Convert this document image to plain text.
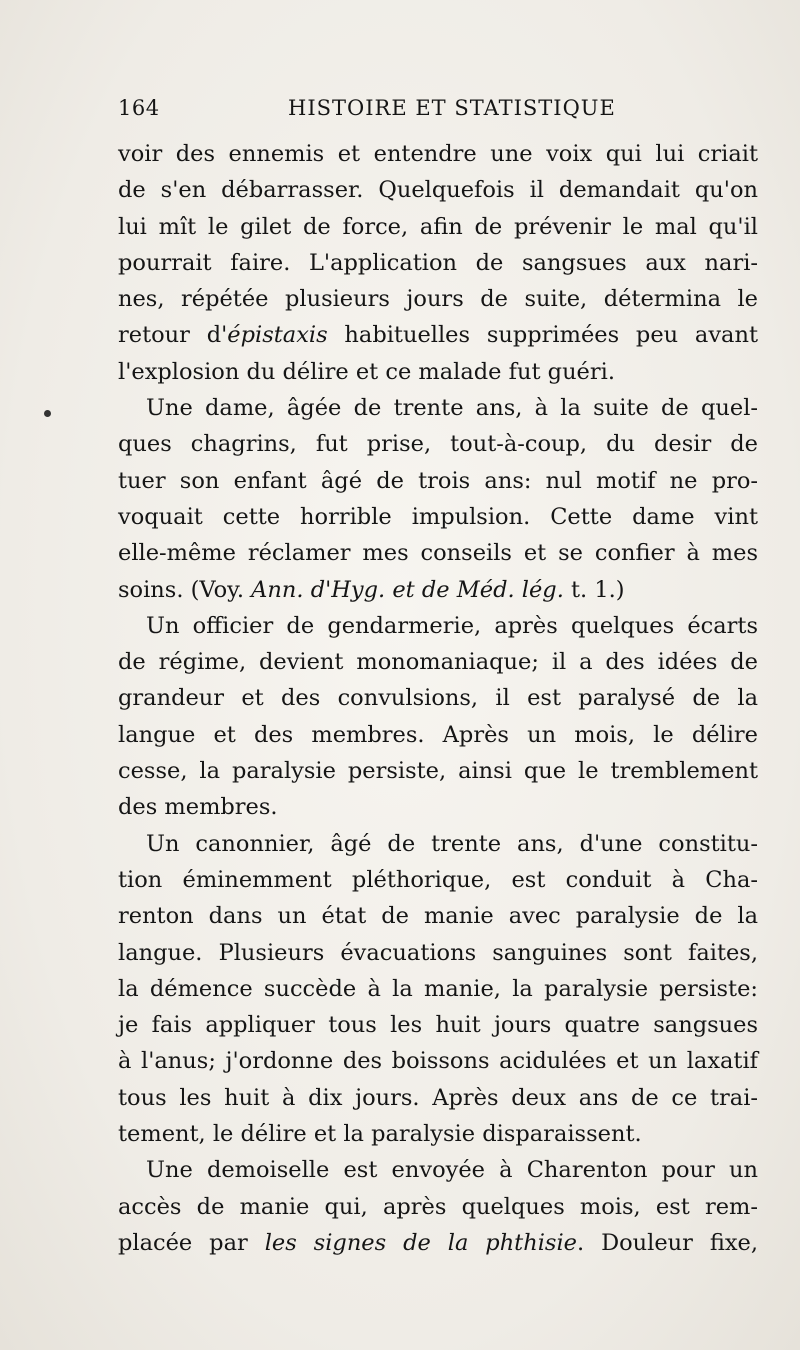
164	HISTOIRE ET STATISTIQUE
voir des ennemis et entendre une voix qui lui criait
de s'en débarrasser. Quelquefois il demandait qu'on
lui mît le gilet de force, afin de prévenir le mal qu'il
pourrait faire. L'application de sangsues aux nari-
nes, répétée plusieurs jours de suite, détermina le
retour d'épistaxis habituelles supprimées peu avant
l'explosion du délire et ce malade fut guéri.
Une dame, âgée de trente ans, à la suite de quel-
ques chagrins, fut prise, tout-à-coup, du desir de
tuer son enfant âgé de trois ans: nul motif ne pro-
voquait cette horrible impulsion. Cette dame vint
elle-même réclamer mes conseils et se confier à mes
soins. (Voy. Ann. d'Hyg. et de Méd. lég. t. 1.)
Un officier de gendarmerie, après quelques écarts
de régime, devient monomaniaque; il a des idées de
grandeur et des convulsions, il est paralysé de la
langue et des membres. Après un mois, le délire
cesse, la paralysie persiste, ainsi que le tremblement
des membres.
Un canonnier, âgé de trente ans, d'une constitu-
tion éminemment pléthorique, est conduit à Cha-
renton dans un état de manie avec paralysie de la
langue. Plusieurs évacuations sanguines sont faites,
la démence succède à la manie, la paralysie persiste:
je fais appliquer tous les huit jours quatre sangsues
à l'anus; j'ordonne des boissons acidulées et un laxatif
tous les huit à dix jours. Après deux ans de ce trai-
tement, le délire et la paralysie disparaissent.
Une demoiselle est envoyée à Charenton pour un
accès de manie qui, après quelques mois, est rem-
placée par les signes de la phthisie. Douleur fixe,
